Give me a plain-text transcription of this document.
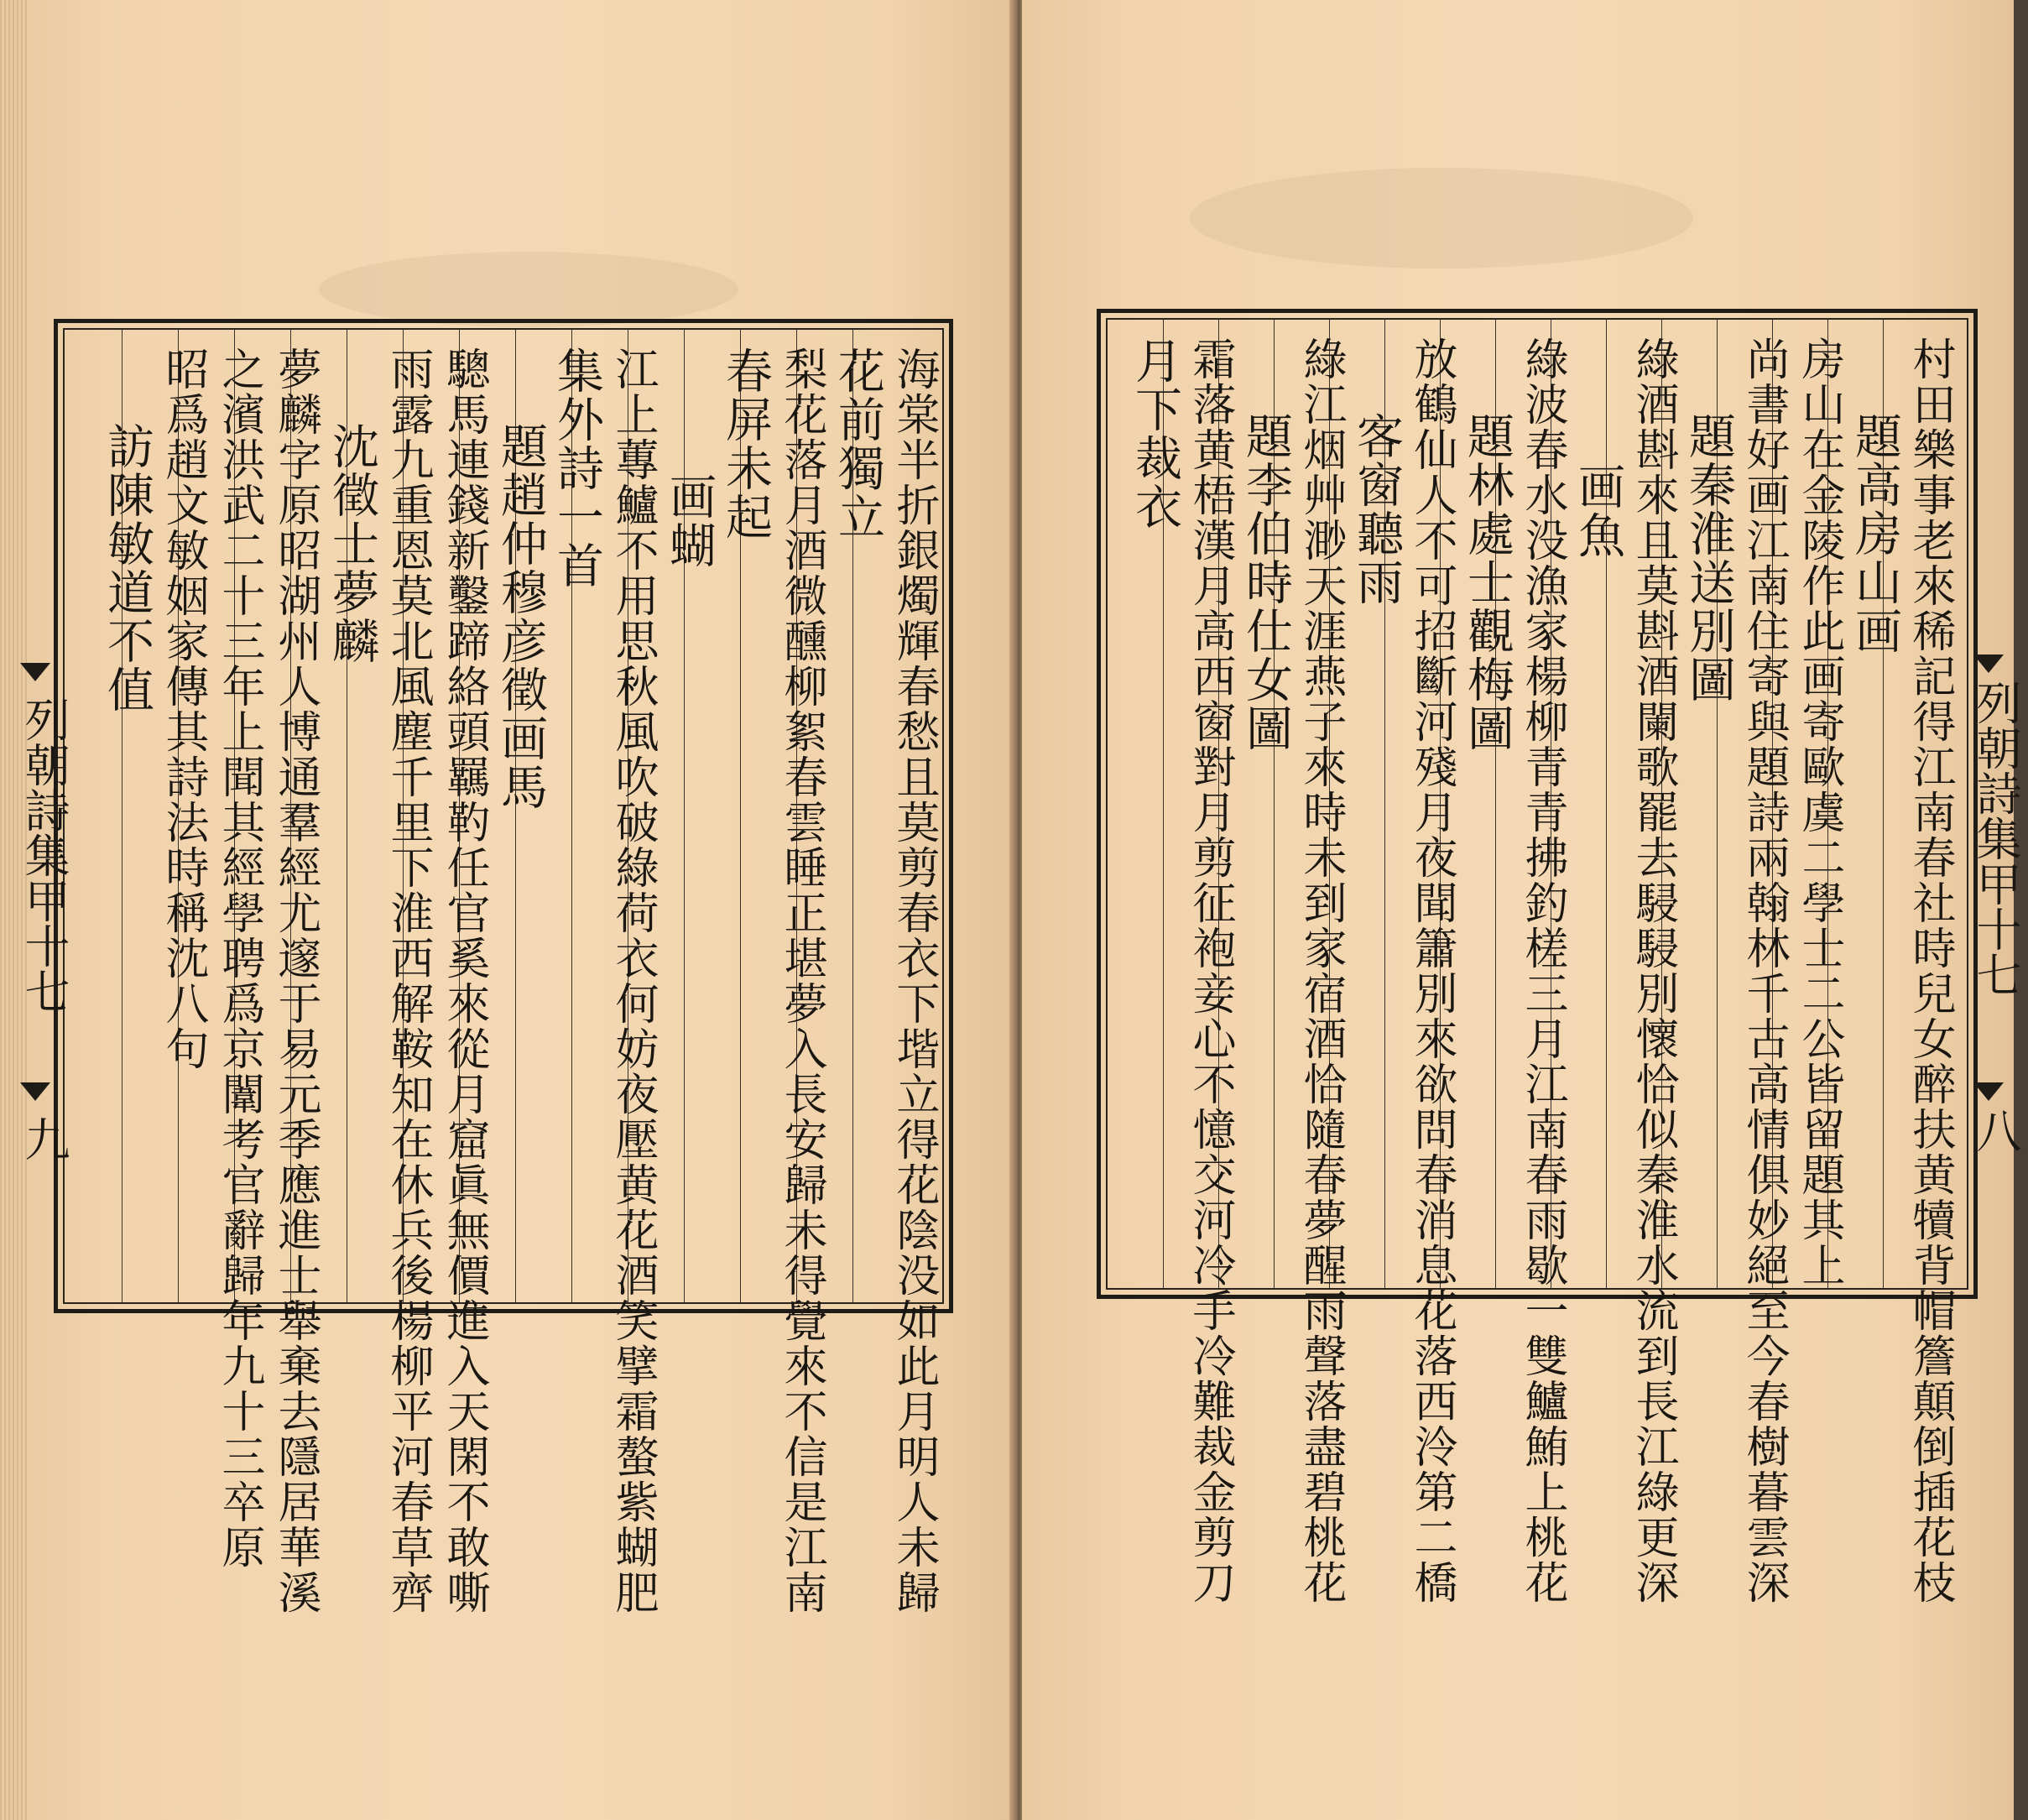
海棠半折銀燭輝春愁且莫剪春衣下堦立得花陰没如此月明人未歸
花前獨立
梨花落月酒微醺柳絮春雲睡正堪夢入長安歸未得覺來不信是江南
春屏未起
画蝴
江上蓴鱸不用思秋風吹破綠荷衣何妨夜壓黄花酒笑擘霜螯紫蝴肥
集外詩一首
題趙仲穆彦徵画馬
驄馬連錢新鑿蹄絡頭羈靮任官奚來從月窟眞無價進入天閑不敢嘶
雨露九重恩莫北風塵千里下淮西解鞍知在休兵後楊柳平河春草齊
沈徵士夢麟
夢麟字原昭湖州人博通羣經尤邃于易元季應進士舉棄去隱居華溪
之濱洪武二十三年上聞其經學聘爲京闈考官辭歸年九十三卒原
昭爲趙文敏姻家傳其詩法時稱沈八句
訪陳敏道不值
列朝詩集甲十七
九	村田樂事老來稀記得江南春社時兒女醉扶黄犢背帽簷顛倒插花枝
題高房山画
房山在金陵作此画寄歐虞二學士二公皆留題其上
尚書好画江南住寄與題詩兩翰林千古高情俱妙絕至今春樹暮雲深
題秦淮送別圖
綠酒斟來且莫斟酒闌歌罷去駸駸別懷恰似秦淮水流到長江綠更深
画魚
綠波春水没漁家楊柳青青拂釣槎三月江南春雨歇一雙鱸鮪上桃花
題林處士觀梅圖
放鶴仙人不可招斷河殘月夜聞簫別來欲問春消息花落西泠第二橋
客窗聽雨
綠江烟艸渺天涯燕子來時未到家宿酒恰隨春夢醒雨聲落盡碧桃花
題李伯時仕女圖
霜落黄梧漢月高西窗對月剪征袍妾心不憶交河冷手冷難裁金剪刀
月下裁衣
列朝詩集甲十七
八
